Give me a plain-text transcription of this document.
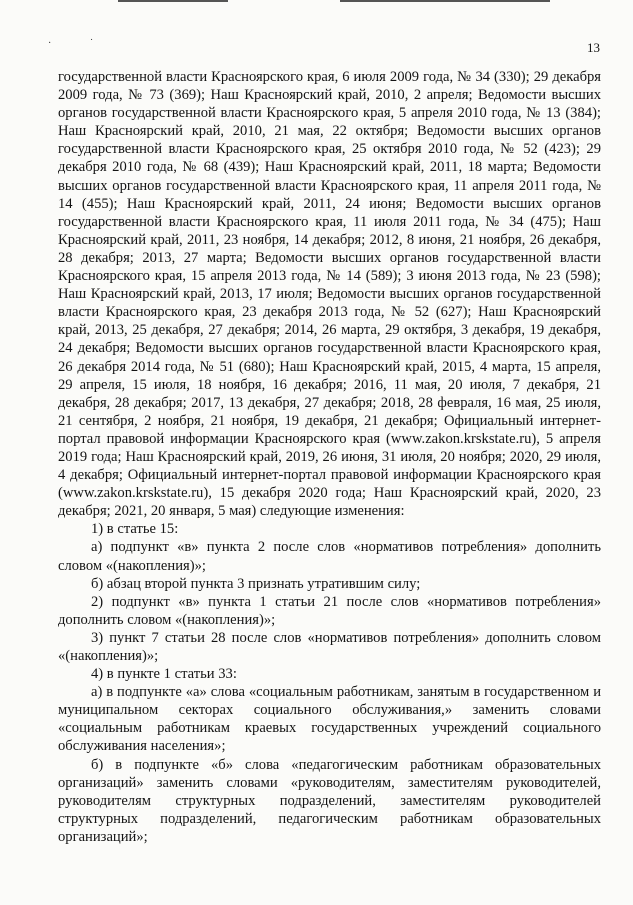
· ˙	13

государственной власти Красноярского края, 6 июля 2009 года, № 34 (330); 29 декабря 2009 года, № 73 (369); Наш Красноярский край, 2010, 2 апреля; Ведомости высших органов государственной власти Красноярского края, 5 апреля 2010 года, № 13 (384); Наш Красноярский край, 2010, 21 мая, 22 октября; Ведомости высших органов государственной власти Красноярского края, 25 октября 2010 года, № 52 (423); 29 декабря 2010 года, № 68 (439); Наш Красноярский край, 2011, 18 марта; Ведомости высших органов государственной власти Красноярского края, 11 апреля 2011 года, № 14 (455); Наш Красноярский край, 2011, 24 июня; Ведомости высших органов государственной власти Красноярского края, 11 июля 2011 года, № 34 (475); Наш Красноярский край, 2011, 23 ноября, 14 декабря; 2012, 8 июня, 21 ноября, 26 декабря, 28 декабря; 2013, 27 марта; Ведомости высших органов государственной власти Красноярского края, 15 апреля 2013 года, № 14 (589); 3 июня 2013 года, № 23 (598); Наш Красноярский край, 2013, 17 июля; Ведомости высших органов государственной власти Красноярского края, 23 декабря 2013 года, № 52 (627); Наш Красноярский край, 2013, 25 декабря, 27 декабря; 2014, 26 марта, 29 октября, 3 декабря, 19 декабря, 24 декабря; Ведомости высших органов государственной власти Красноярского края, 26 декабря 2014 года, № 51 (680); Наш Красноярский край, 2015, 4 марта, 15 апреля, 29 апреля, 15 июля, 18 ноября, 16 декабря; 2016, 11 мая, 20 июля, 7 декабря, 21 декабря, 28 декабря; 2017, 13 декабря, 27 декабря; 2018, 28 февраля, 16 мая, 25 июля, 21 сентября, 2 ноября, 21 ноября, 19 декабря, 21 декабря; Официальный интернет-портал правовой информации Красноярского края (www.zakon.krskstate.ru), 5 апреля 2019 года; Наш Красноярский край, 2019, 26 июня, 31 июля, 20 ноября; 2020, 29 июля, 4 декабря; Официальный интернет-портал правовой информации Красноярского края (www.zakon.krskstate.ru), 15 декабря 2020 года; Наш Красноярский край, 2020, 23 декабря; 2021, 20 января, 5 мая) следующие изменения:

1) в статье 15:

а) подпункт «в» пункта 2 после слов «нормативов потребления» дополнить словом «(накопления)»;

б) абзац второй пункта 3 признать утратившим силу;

2) подпункт «в» пункта 1 статьи 21 после слов «нормативов потребления» дополнить словом «(накопления)»;

3) пункт 7 статьи 28 после слов «нормативов потребления» дополнить словом «(накопления)»;

4) в пункте 1 статьи 33:

а) в подпункте «а» слова «социальным работникам, занятым в государственном и муниципальном секторах социального обслуживания,» заменить словами «социальным работникам краевых государственных учреждений социального обслуживания населения»;

б) в подпункте «б» слова «педагогическим работникам образовательных организаций» заменить словами «руководителям, заместителям руководителей, руководителям структурных подразделений, заместителям руководителей структурных подразделений, педагогическим работникам образовательных организаций»;
